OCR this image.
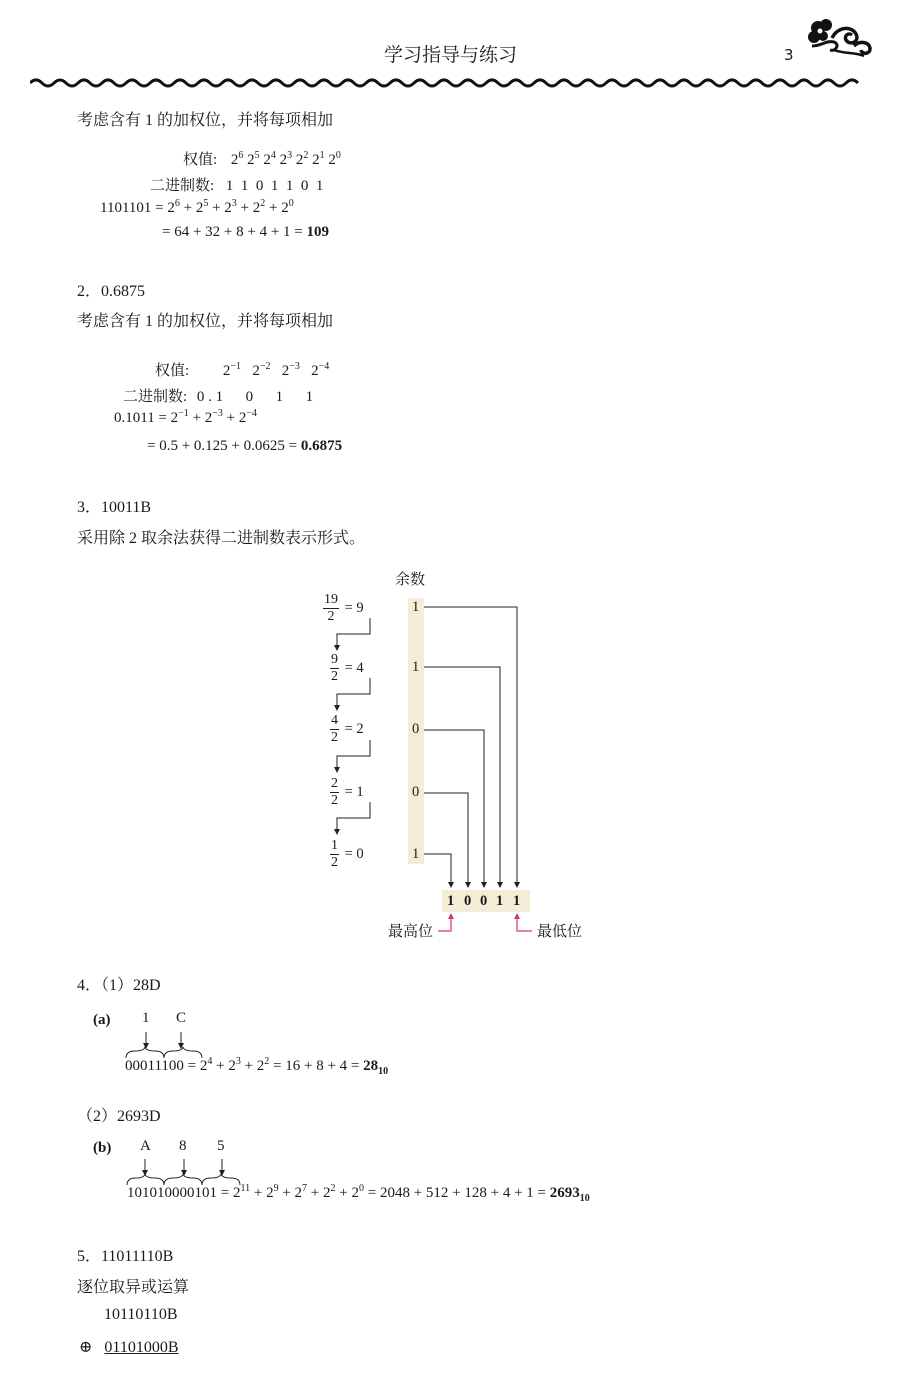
学习指导与练习	3
考虑含有 1 的加权位，并将每项相加
权值: $2^6$ $2^5$ $2^4$ $2^3$ $2^2$ $2^1$ $2^0$
二进制数: 1  1  0  1  1  0  1
$1101101 = 2^6 + 2^5 + 2^3 + 2^2 + 2^0$
= 64 + 32 + 8 + 4 + 1 = 109
2．0.6875
考虑含有 1 的加权位，并将每项相加
权值: $2^{-1}$   $2^{-2}$   $2^{-3}$   $2^{-4}$
二进制数: 0 . 1      0      1      1
$0.1011 = 2^{-1} + 2^{-3} + 2^{-4}$
= 0.5 + 0.125 + 0.0625 = 0.6875
3．10011B
采用除 2 取余法获得二进制数表示形式。
余数
$\frac{19}{2} = 9$
$\frac{9}{2} = 4$
$\frac{4}{2} = 2$
$\frac{2}{2} = 1$
$\frac{1}{2} = 0$
1
1
0
0
1
1 0 0 1 1
最高位	最低位
4．（1）28D
(a) 1 C
$00011100 = 2^4 + 2^3 + 2^2 = 16 + 8 + 4 = 28_{10}$
（2）2693D
(b) A 8 5
$101010000101 = 2^{11} + 2^9 + 2^7 + 2^2 + 2^0 = 2048 + 512 + 128 + 4 + 1 = 2693_{10}$
5．11011110B
逐位取异或运算
10110110B
⊕ 01101000B
